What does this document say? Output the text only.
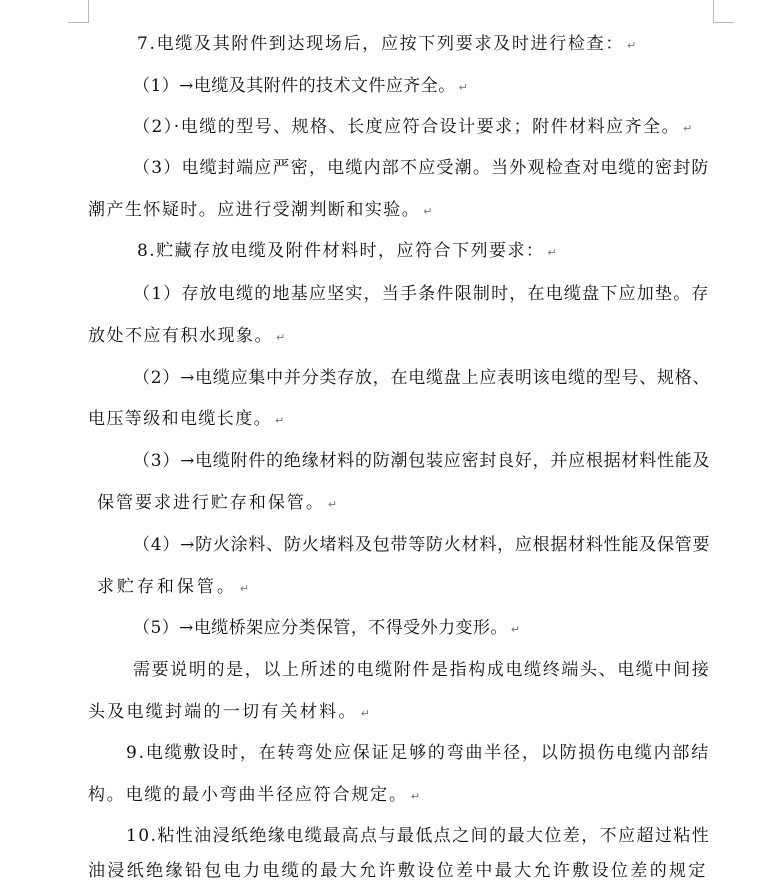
7.电缆及其附件到达现场后，应按下列要求及时进行检查： ↵
（1）→电缆及其附件的技术文件应齐全。 ↵
（2）·电缆的型号、规格、长度应符合设计要求；附件材料应齐全。 ↵
（3）电缆封端应严密，电缆内部不应受潮。当外观检查对电缆的密封防
潮产生怀疑时。应进行受潮判断和实验。 ↵
8.贮藏存放电缆及附件材料时，应符合下列要求： ↵
（1）存放电缆的地基应坚实，当手条件限制时，在电缆盘下应加垫。存
放处不应有积水现象。 ↵
（2）→电缆应集中并分类存放，在电缆盘上应表明该电缆的型号、规格、
电压等级和电缆长度。 ↵
（3）→电缆附件的绝缘材料的防潮包装应密封良好，并应根据材料性能及
保管要求进行贮存和保管。 ↵
（4）→防火涂料、防火堵料及包带等防火材料，应根据材料性能及保管要
求贮存和保管。 ↵
（5）→电缆桥架应分类保管，不得受外力变形。 ↵
需要说明的是，以上所述的电缆附件是指构成电缆终端头、电缆中间接
头及电缆封端的一切有关材料。 ↵
9.电缆敷设时，在转弯处应保证足够的弯曲半径，以防损伤电缆内部结
构。电缆的最小弯曲半径应符合规定。 ↵
10.粘性油浸纸绝缘电缆最高点与最低点之间的最大位差，不应超过粘性
油浸纸绝缘铅包电力电缆的最大允许敷设位差中最大允许敷设位差的规定
